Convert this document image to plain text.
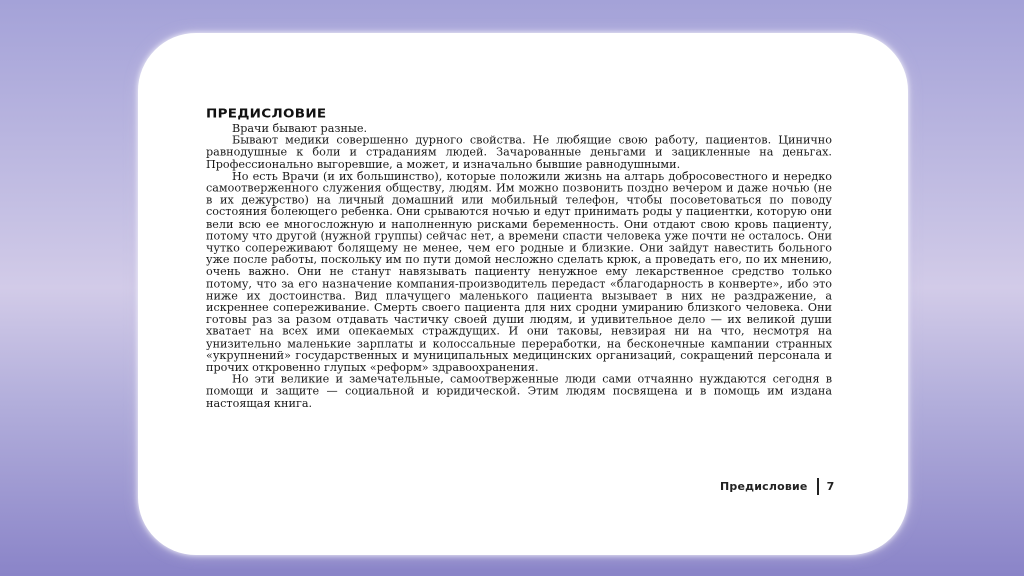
ПРЕДИСЛОВИЕ

Врачи бывают разные.

Бывают медики совершенно дурного свойства. Не любящие свою работу, пациентов. Цинично равнодушные к боли и страданиям людей. Зачарованные деньгами и зацикленные на деньгах. Профессионально выгоревшие, а может, и изначально бывшие равнодушными.

Но есть Врачи (и их большинство), которые положили жизнь на алтарь добросовестного и нередко самоотверженного служения обществу, людям. Им можно позвонить поздно вечером и даже ночью (не в их дежурство) на личный домашний или мобильный телефон, чтобы посоветоваться по поводу состояния болеющего ребенка. Они срываются ночью и едут принимать роды у пациентки, которую они вели всю ее многосложную и наполненную рисками беременность. Они отдают свою кровь пациенту, потому что другой (нужной группы) сейчас нет, а времени спасти человека уже почти не осталось. Они чутко сопереживают болящему не менее, чем его родные и близкие. Они зайдут навестить больного уже после работы, поскольку им по пути домой несложно сделать крюк, а проведать его, по их мнению, очень важно. Они не станут навязывать пациенту ненужное ему лекарственное средство только потому, что за его назначение компания-производитель передаст «благодарность в конверте», ибо это ниже их достоинства. Вид плачущего маленького пациента вызывает в них не раздражение, а искреннее сопереживание. Смерть своего пациента для них сродни умиранию близкого человека. Они готовы раз за разом отдавать частичку своей души людям, и удивительное дело — их великой души хватает на всех ими опекаемых страждущих. И они таковы, невзирая ни на что, несмотря на унизительно маленькие зарплаты и колоссальные переработки, на бесконечные кампании странных «укрупнений» государственных и муниципальных медицинских организаций, сокращений персонала и прочих откровенно глупых «реформ» здравоохранения.

Но эти великие и замечательные, самоотверженные люди сами отчаянно нуждаются сегодня в помощи и защите — социальной и юридической. Этим людям посвящена и в помощь им издана настоящая книга.

Предисловие 7
